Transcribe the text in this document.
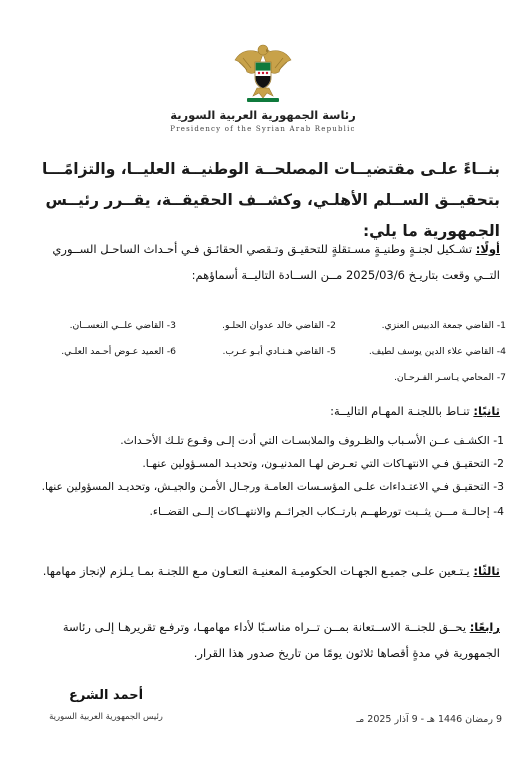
رئاسة الجمهورية العربية السورية
Presidency of the Syrian Arab Republic
بنــاءً علـى مقتضيــات المصلحــة الوطنيــة العليــا، والتزامًـــا بتحقيــق الســلم الأهلـي، وكشــف الحقيقــة، يقــرر رئيــس الجمهورية ما يلي:
أولًا: تشـكيل لجنـةٍ وطنيـةٍ مسـتقلةٍ للتحقيـق وتـقصي الحقائـق فـي أحـداث الساحـل الســوري التــي وقعت بتاريـخ 2025/03/6 مــن الســادة التاليــة أسماؤهم:
1- القاضي جمعة الدبيس العنزي.
2- القاضي خالد عدوان الحلـو.
3- القاضي علــي النعســان.
4- القاضي علاء الدين يوسف لطيف.
5- القاضي هـنـادي أبـو عـرب.
6- العميد عـوض أحـمد العلـي.
7- المحامي يـاسـر الفـرحـان.
ثانيًا: تنـاط باللجنـة المهـام التاليــة:
1- الكشـف عــن الأسـباب والظـروف والملابسـات التي أدت إلـى وقـوع تلـك الأحـداث.
2- التحقيـق فـي الانتهـاكات التي تعـرض لهـا المدنيـون، وتحديـد المسـؤولين عنهـا.
3- التحقيـق فـي الاعتـداءات علـى المؤسـسات العامـة ورجـال الأمـن والجيـش، وتحديـد المسؤولين عنها.
4- إحالــة مـــن يثــبت تورطهــم بارتــكاب الجرائــم والانتهــاكات إلــى القضــاء.
ثالثًا: يـتـعين علـى جميـع الجهـات الحكوميـة المعنيـة التعـاون مـع اللجنـة بمـا يـلزم لإنجاز مهامها.
رابعًا: يحــق للجنــة الاســتعانة بمــن تــراه مناسـبًا لأداء مهامهـا، وترفـع تقريرهـا إلـى رئاسة الجمهورية في مدةٍ أقصاها ثلاثون يومًا من تاريخ صدور هذا القرار.
أحمد الشرع
رئيس الجمهورية العربية السورية	9 رمضان 1446 هـ - 9 آذار 2025 مـ
